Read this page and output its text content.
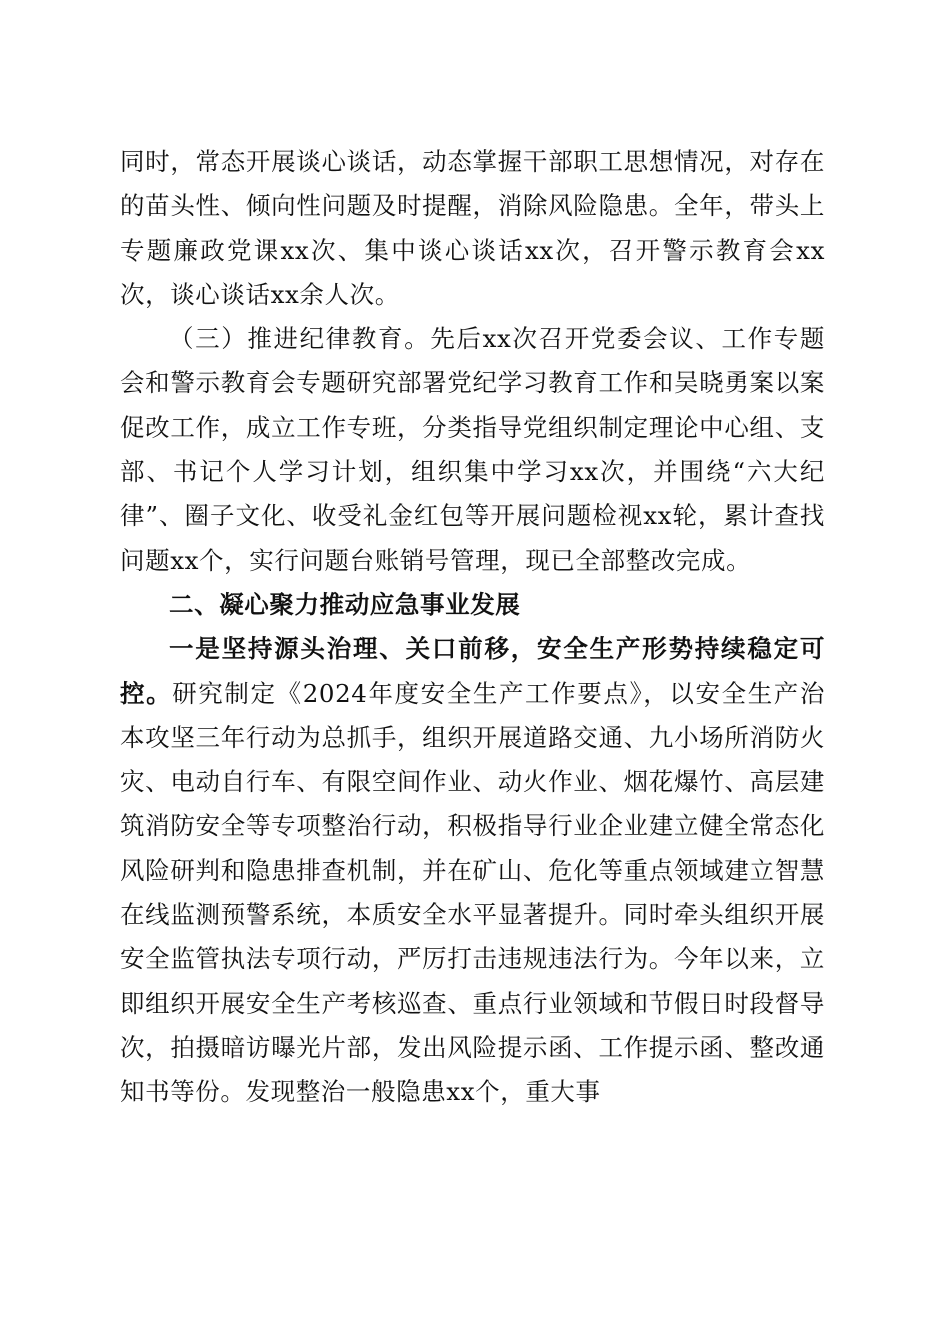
同时，常态开展谈心谈话，动态掌握干部职工思想情况，对存在的苗头性、倾向性问题及时提醒，消除风险隐患。全年，带头上专题廉政党课xx次、集中谈心谈话xx次，召开警示教育会xx次，谈心谈话xx余人次。

（三）推进纪律教育。先后xx次召开党委会议、工作专题会和警示教育会专题研究部署党纪学习教育工作和吴晓勇案以案促改工作，成立工作专班，分类指导党组织制定理论中心组、支部、书记个人学习计划，组织集中学习xx次，并围绕“六大纪律”、圈子文化、收受礼金红包等开展问题检视xx轮，累计查找问题xx个，实行问题台账销号管理，现已全部整改完成。

二、凝心聚力推动应急事业发展

一是坚持源头治理、关口前移，安全生产形势持续稳定可控。研究制定《2024年度安全生产工作要点》，以安全生产治本攻坚三年行动为总抓手，组织开展道路交通、九小场所消防火灾、电动自行车、有限空间作业、动火作业、烟花爆竹、高层建筑消防安全等专项整治行动，积极指导行业企业建立健全常态化风险研判和隐患排查机制，并在矿山、危化等重点领域建立智慧在线监测预警系统，本质安全水平显著提升。同时牵头组织开展安全监管执法专项行动，严厉打击违规违法行为。今年以来，立即组织开展安全生产考核巡查、重点行业领域和节假日时段督导次，拍摄暗访曝光片部，发出风险提示函、工作提示函、整改通知书等份。发现整治一般隐患xx个，重大事
